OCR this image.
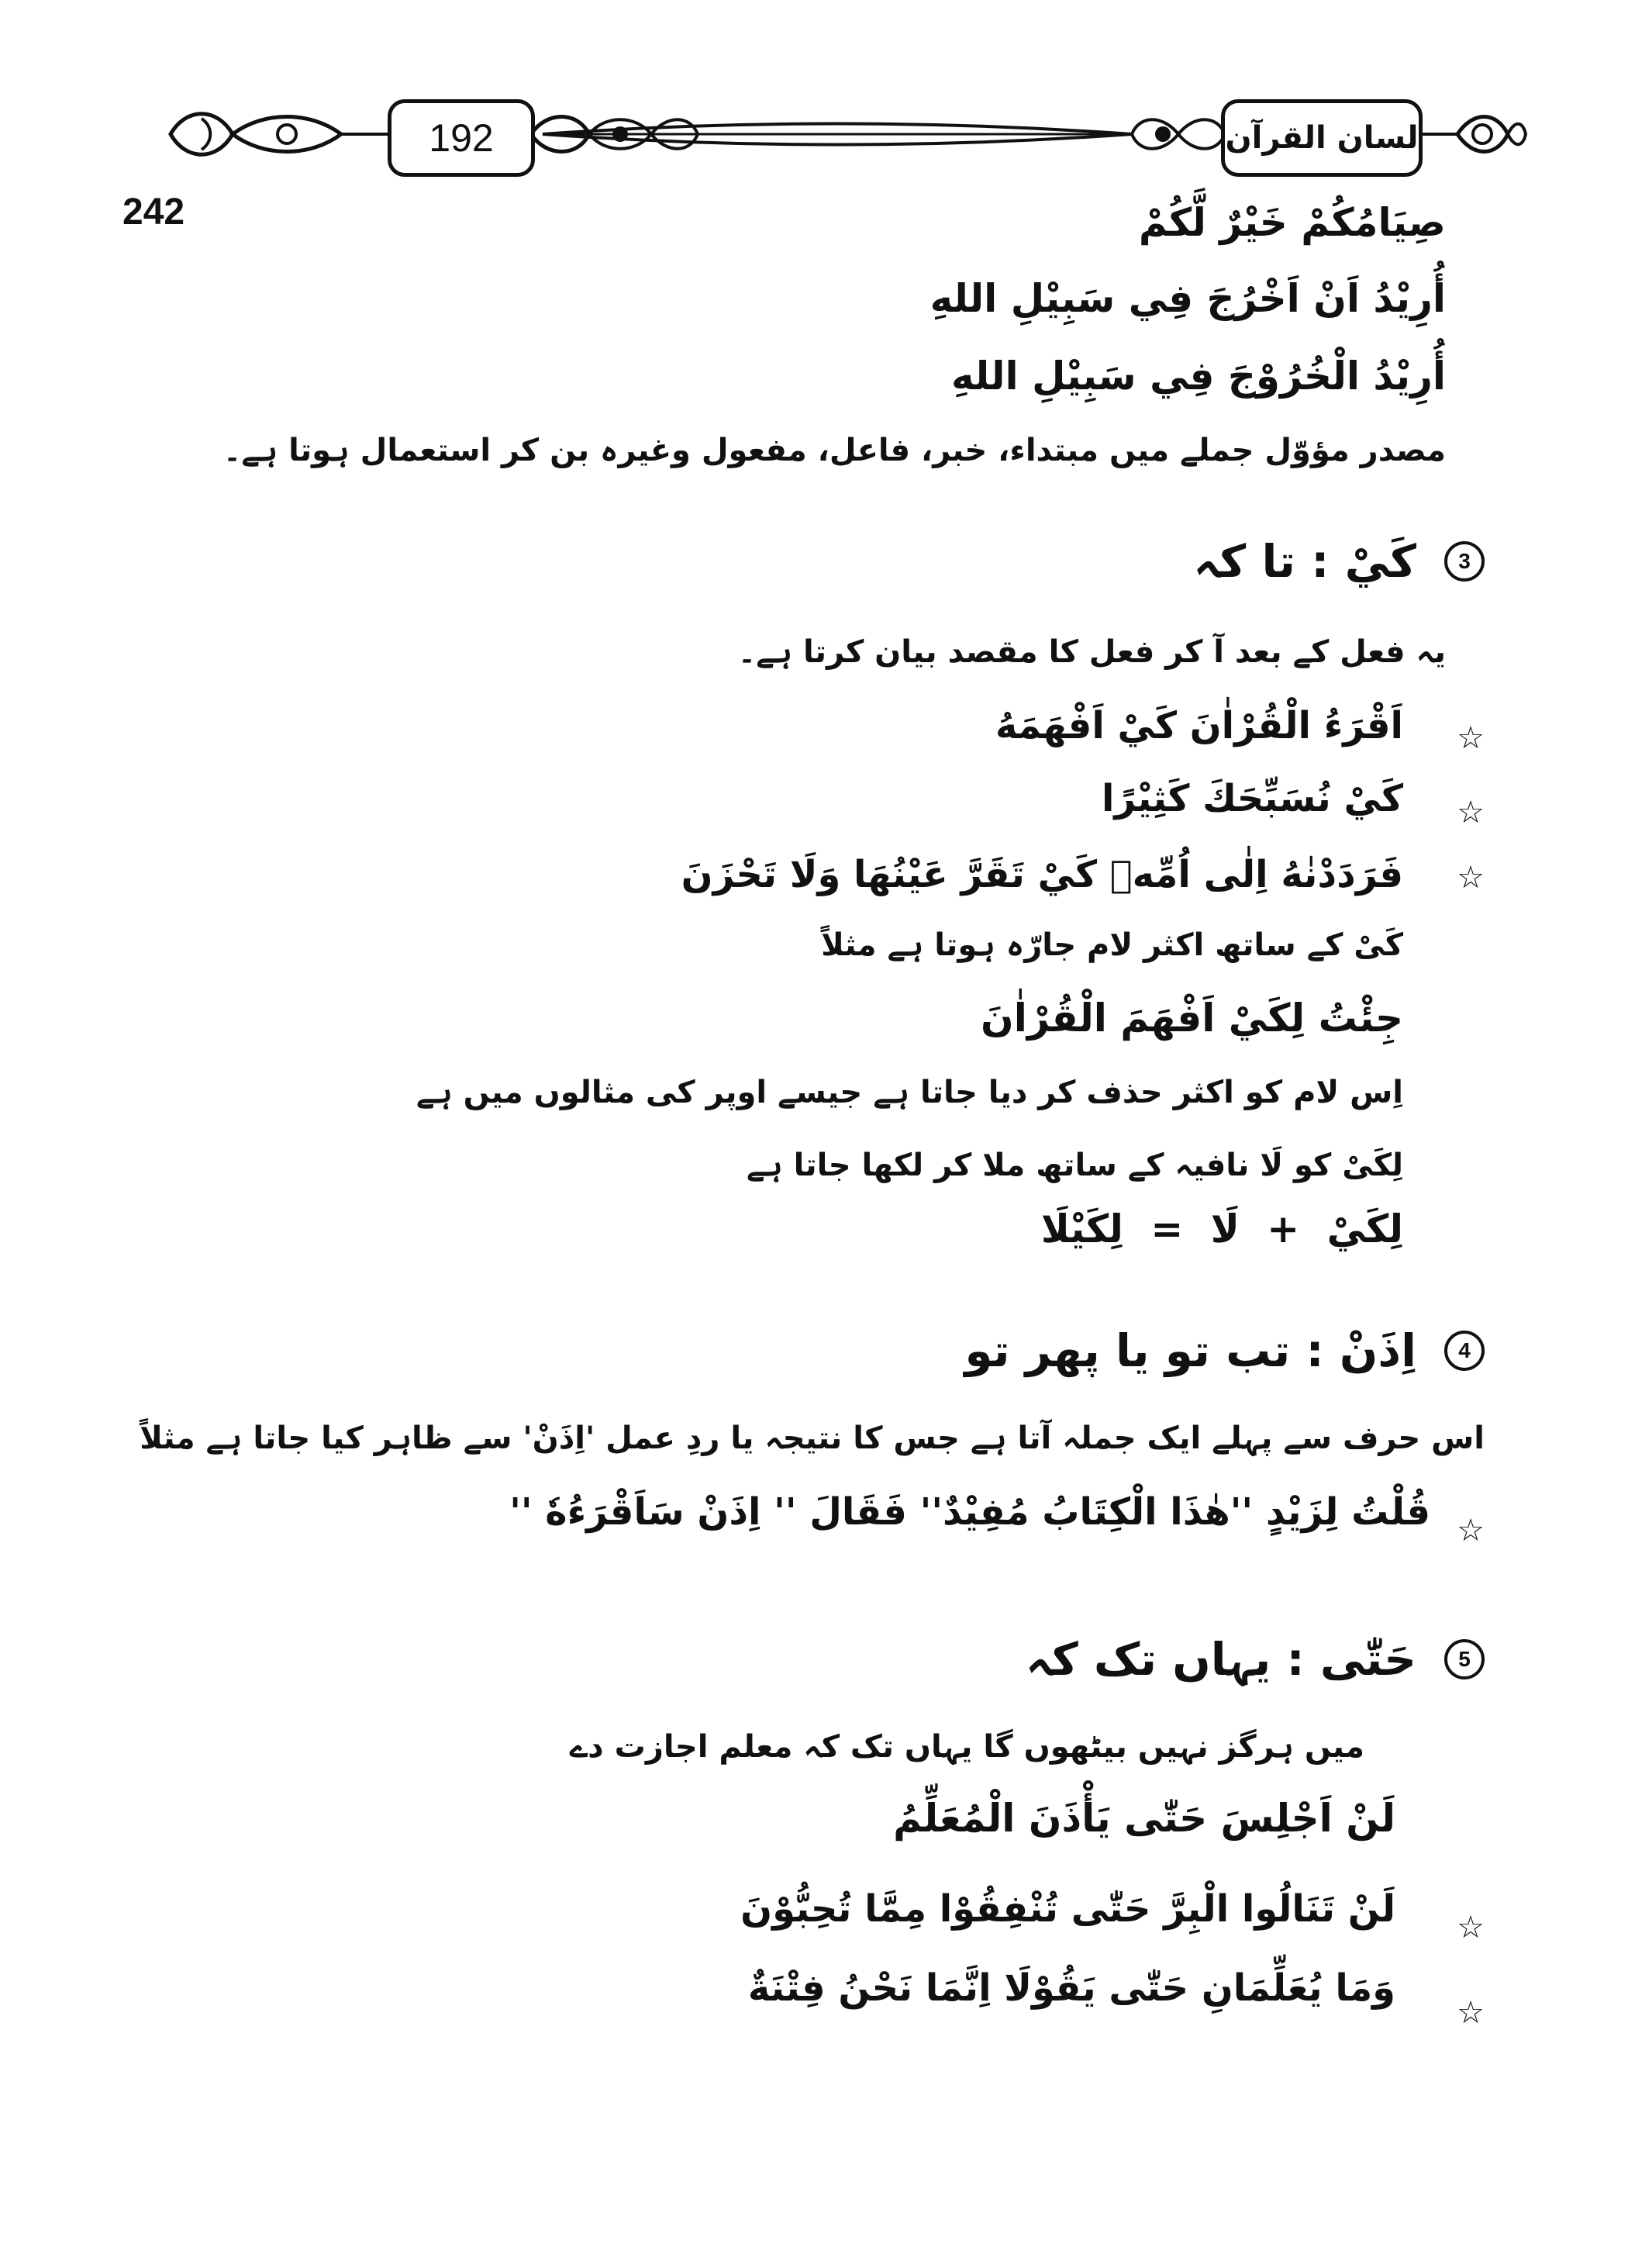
192	لسان القرآن
242	صِيَامُكُمْ خَيْرٌ لَّكُمْ
أُرِيْدُ اَنْ اَخْرُجَ فِي سَبِيْلِ اللهِ
أُرِيْدُ الْخُرُوْجَ فِي سَبِيْلِ اللهِ
مصدر مؤوّل جملے میں مبتداء، خبر، فاعل، مفعول وغیرہ بن کر استعمال ہوتا ہے۔
3
كَيْ : تا کہ
یہ فعل کے بعد آ کر فعل کا مقصد بیان کرتا ہے۔
☆
اَقْرَءُ الْقُرْاٰنَ كَيْ اَفْهَمَهُ
☆
كَيْ نُسَبِّحَكَ كَثِيْرًا
☆
فَرَدَدْنٰهُ اِلٰى اُمِّهٖ كَيْ تَقَرَّ عَيْنُهَا وَلَا تَحْزَنَ
کَیْ کے ساتھ اکثر لام جارّہ ہوتا ہے مثلاً
جِئْتُ لِكَيْ اَفْهَمَ الْقُرْاٰنَ
اِس لام کو اکثر حذف کر دیا جاتا ہے جیسے اوپر کی مثالوں میں ہے
لِکَیْ کو لَا نافیہ کے ساتھ ملا کر لکھا جاتا ہے
لِكَيْ + لَا = لِكَيْلَا
4
اِذَنْ : تب تو یا پھر تو
اس حرف سے پہلے ایک جملہ آتا ہے جس کا نتیجہ یا ردِ عمل 'اِذَنْ' سے ظاہر کیا جاتا ہے مثلاً
☆
قُلْتُ لِزَيْدٍ ''هٰذَا الْكِتَابُ مُفِيْدٌ'' فَقَالَ '' اِذَنْ سَاَقْرَءُهٗ ''
5
حَتّٰى : یہاں تک کہ
میں ہرگز نہیں بیٹھوں گا یہاں تک کہ معلم اجازت دے
لَنْ اَجْلِسَ حَتّٰى يَأْذَنَ الْمُعَلِّمُ
☆
لَنْ تَنَالُوا الْبِرَّ حَتّٰى تُنْفِقُوْا مِمَّا تُحِبُّوْنَ
☆
وَمَا يُعَلِّمَانِ حَتّٰى يَقُوْلَا اِنَّمَا نَحْنُ فِتْنَةٌ
